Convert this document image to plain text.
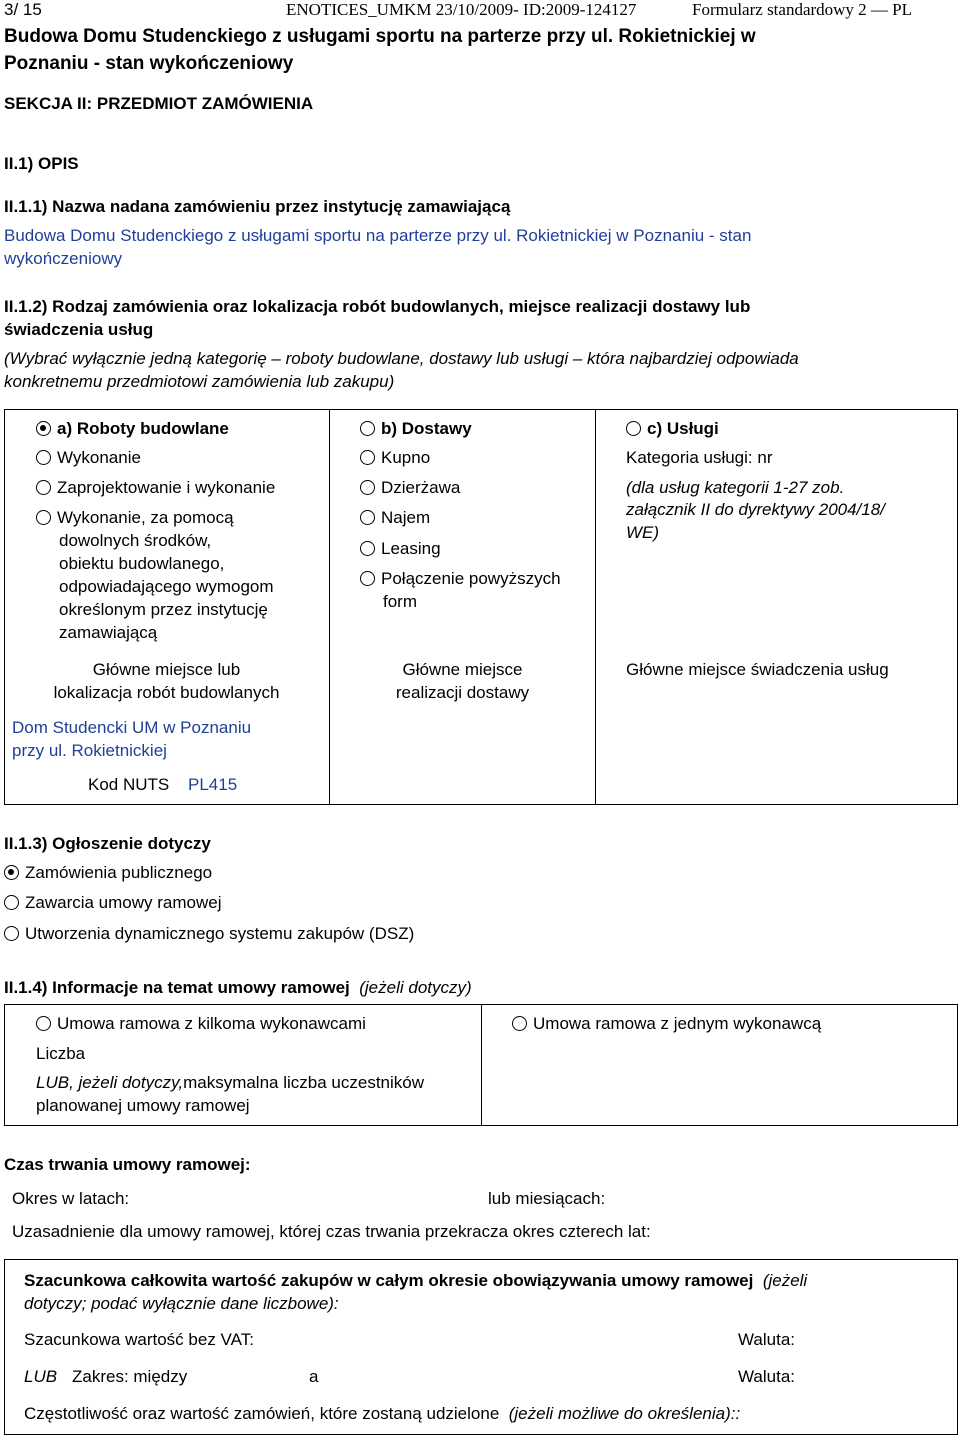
3/ 15	ENOTICES_UMKM 23/10/2009- ID:2009-124127	Formularz standardowy 2 — PL
Budowa Domu Studenckiego z usługami sportu na parterze przy ul. Rokietnickiej w
Poznaniu - stan wykończeniowy
SEKCJA II: PRZEDMIOT ZAMÓWIENIA
II.1) OPIS
II.1.1) Nazwa nadana zamówieniu przez instytucję zamawiającą
Budowa Domu Studenckiego z usługami sportu na parterze przy ul. Rokietnickiej w Poznaniu - stan
wykończeniowy
II.1.2) Rodzaj zamówienia oraz lokalizacja robót budowlanych, miejsce realizacji dostawy lub
świadczenia usług
(Wybrać wyłącznie jedną kategorię – roboty budowlane, dostawy lub usługi – która najbardziej odpowiada
konkretnemu przedmiotowi zamówienia lub zakupu)
a) Roboty budowlane
Wykonanie
Zaprojektowanie i wykonanie
Wykonanie, za pomocą
dowolnych środków,
obiektu budowlanego,
odpowiadającego wymogom
określonym przez instytucję
zamawiającą
Główne miejsce lub
lokalizacja robót budowlanych
Dom Studencki UM w Poznaniu
przy ul. Rokietnickiej
Kod NUTS PL415
b) Dostawy
Kupno
Dzierżawa
Najem
Leasing
Połączenie powyższych
form
Główne miejsce
realizacji dostawy
c) Usługi
Kategoria usługi: nr
(dla usług kategorii 1-27 zob.
załącznik II do dyrektywy 2004/18/
WE)
Główne miejsce świadczenia usług
II.1.3) Ogłoszenie dotyczy
Zamówienia publicznego
Zawarcia umowy ramowej
Utworzenia dynamicznego systemu zakupów (DSZ)
II.1.4) Informacje na temat umowy ramowej (jeżeli dotyczy)
Umowa ramowa z kilkoma wykonawcami	Umowa ramowa z jednym wykonawcą
Liczba
LUB, jeżeli dotyczy,maksymalna liczba uczestników
planowanej umowy ramowej
Czas trwania umowy ramowej:
Okres w latach:	lub miesiącach:
Uzasadnienie dla umowy ramowej, której czas trwania przekracza okres czterech lat:
Szacunkowa całkowita wartość zakupów w całym okresie obowiązywania umowy ramowej (jeżeli
dotyczy; podać wyłącznie dane liczbowe):
Szacunkowa wartość bez VAT:	Waluta:
LUB Zakres: między	a	Waluta:
Częstotliwość oraz wartość zamówień, które zostaną udzielone (jeżeli możliwe do określenia)::
